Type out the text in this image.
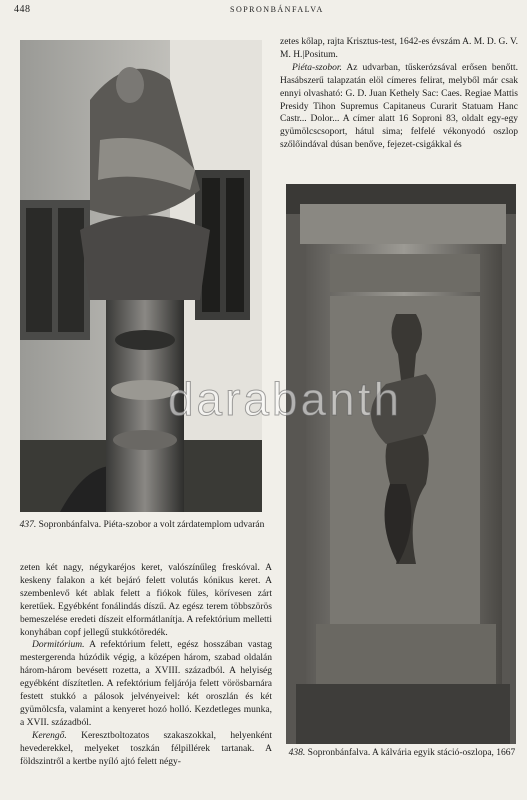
448	SOPRONBÁNFALVA

zetes kőlap, rajta Krisztus-test, 1642-es évszám A. M. D. G. V. M. H.|Positum.

Piéta-szobor. Az udvarban, tűskerózsával erősen benőtt. Hasábszerű talapzatán elöl címeres felirat, melyből már csak ennyi olvasható: G. D. Juan Kethely Sac: Caes. Regiae Mattis Presidy Tihon Supremus Capitaneus Curarit Statuam Hanc Castr... Dolor... A címer alatt 16 Soproni 83, oldalt egy-egy gyümölcscsoport, hátul sima; felfelé vékonyodó oszlop szőlőindával dúsan benőve, fejezet-csigákkal és

437. Sopronbánfalva. Piéta-szobor a volt zárdatemplom udvarán
438. Sopronbánfalva. A kálvária egyik stáció-oszlopa, 1667

zeten két nagy, négykaréjos keret, valószínűleg freskóval. A keskeny falakon a két bejáró felett volutás kónikus keret. A szembenlevő két ablak felett a fiókok füles, körívesen zárt keretűek. Egyébként fonálindás díszű. Az egész terem többszörös bemeszelése eredeti díszeit elformátlanítja. A refektórium melletti konyhában copf jellegű stukkótöredék.

Dormitórium. A refektórium felett, egész hosszában vastag mestergerenda húzódik végig, a középen három, szabad oldalán három-három bevésett rozetta, a XVIII. századból. A helyiség egyébként díszítetlen. A refektórium feljárója felett vörösbarnára festett stukkó a pálosok jelvényeivel: két oroszlán és két gyümölcsfa, valamint a kenyeret hozó holló. Kezdetleges munka, a XVII. századból.

Kerengő. Keresztboltozatos szakaszokkal, helyenként hevederekkel, melyeket toszkán félpillérek tartanak. A földszintről a kertbe nyíló ajtó felett négy-

darabanth
